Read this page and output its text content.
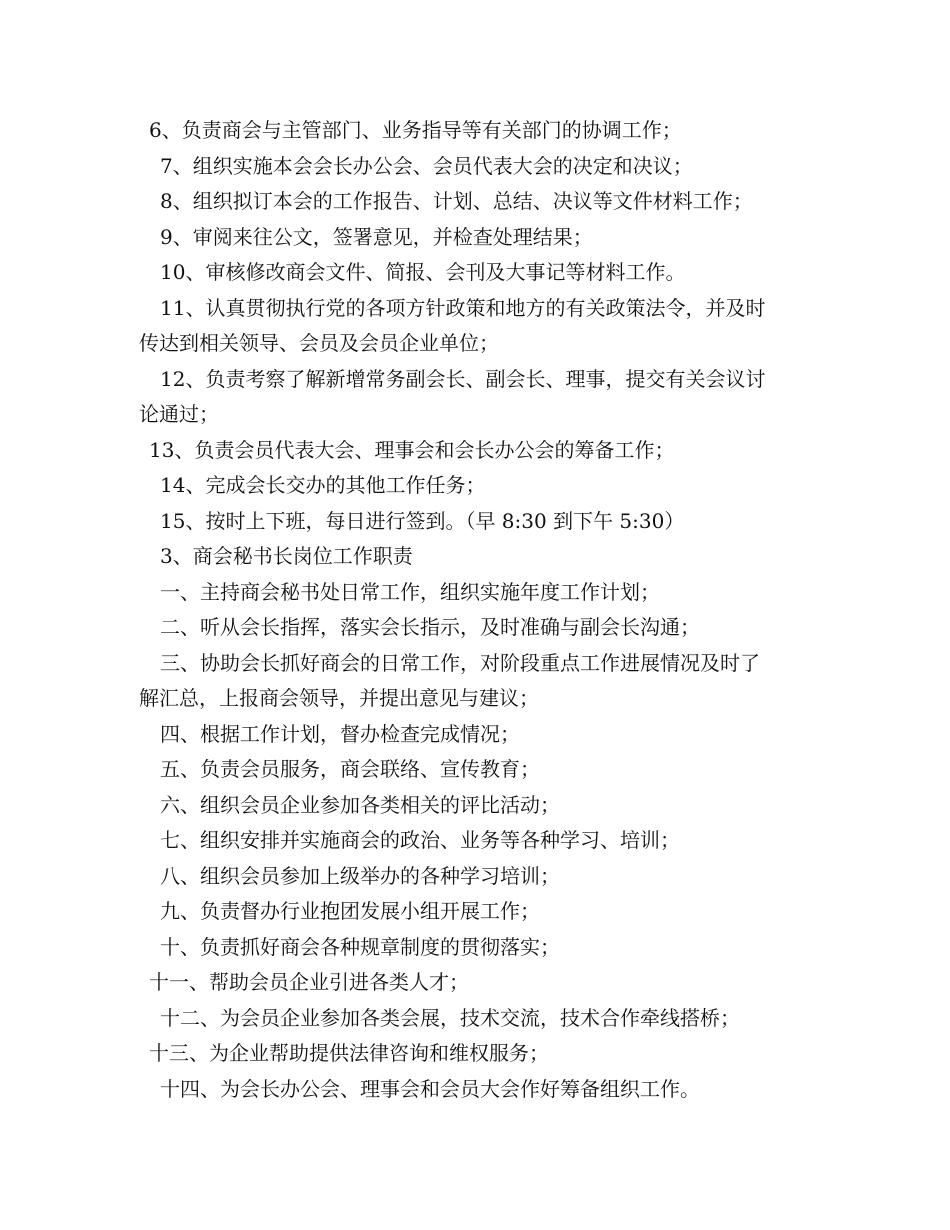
6、负责商会与主管部门、业务指导等有关部门的协调工作；
7、组织实施本会会长办公会、会员代表大会的决定和决议；
8、组织拟订本会的工作报告、计划、总结、决议等文件材料工作；
9、审阅来往公文，签署意见，并检查处理结果；
10、审核修改商会文件、简报、会刊及大事记等材料工作。
11、认真贯彻执行党的各项方针政策和地方的有关政策法令，并及时
传达到相关领导、会员及会员企业单位；
12、负责考察了解新增常务副会长、副会长、理事，提交有关会议讨
论通过；
13、负责会员代表大会、理事会和会长办公会的筹备工作；
14、完成会长交办的其他工作任务；
15、按时上下班，每日进行签到。（早 8:30 到下午 5:30）
3、商会秘书长岗位工作职责
一、主持商会秘书处日常工作，组织实施年度工作计划；
二、听从会长指挥，落实会长指示，及时准确与副会长沟通；
三、协助会长抓好商会的日常工作，对阶段重点工作进展情况及时了
解汇总，上报商会领导，并提出意见与建议；
四、根据工作计划，督办检查完成情况；
五、负责会员服务，商会联络、宣传教育；
六、组织会员企业参加各类相关的评比活动；
七、组织安排并实施商会的政治、业务等各种学习、培训；
八、组织会员参加上级举办的各种学习培训；
九、负责督办行业抱团发展小组开展工作；
十、负责抓好商会各种规章制度的贯彻落实；
十一、帮助会员企业引进各类人才；
十二、为会员企业参加各类会展，技术交流，技术合作牵线搭桥；
十三、为企业帮助提供法律咨询和维权服务；
十四、为会长办公会、理事会和会员大会作好筹备组织工作。
